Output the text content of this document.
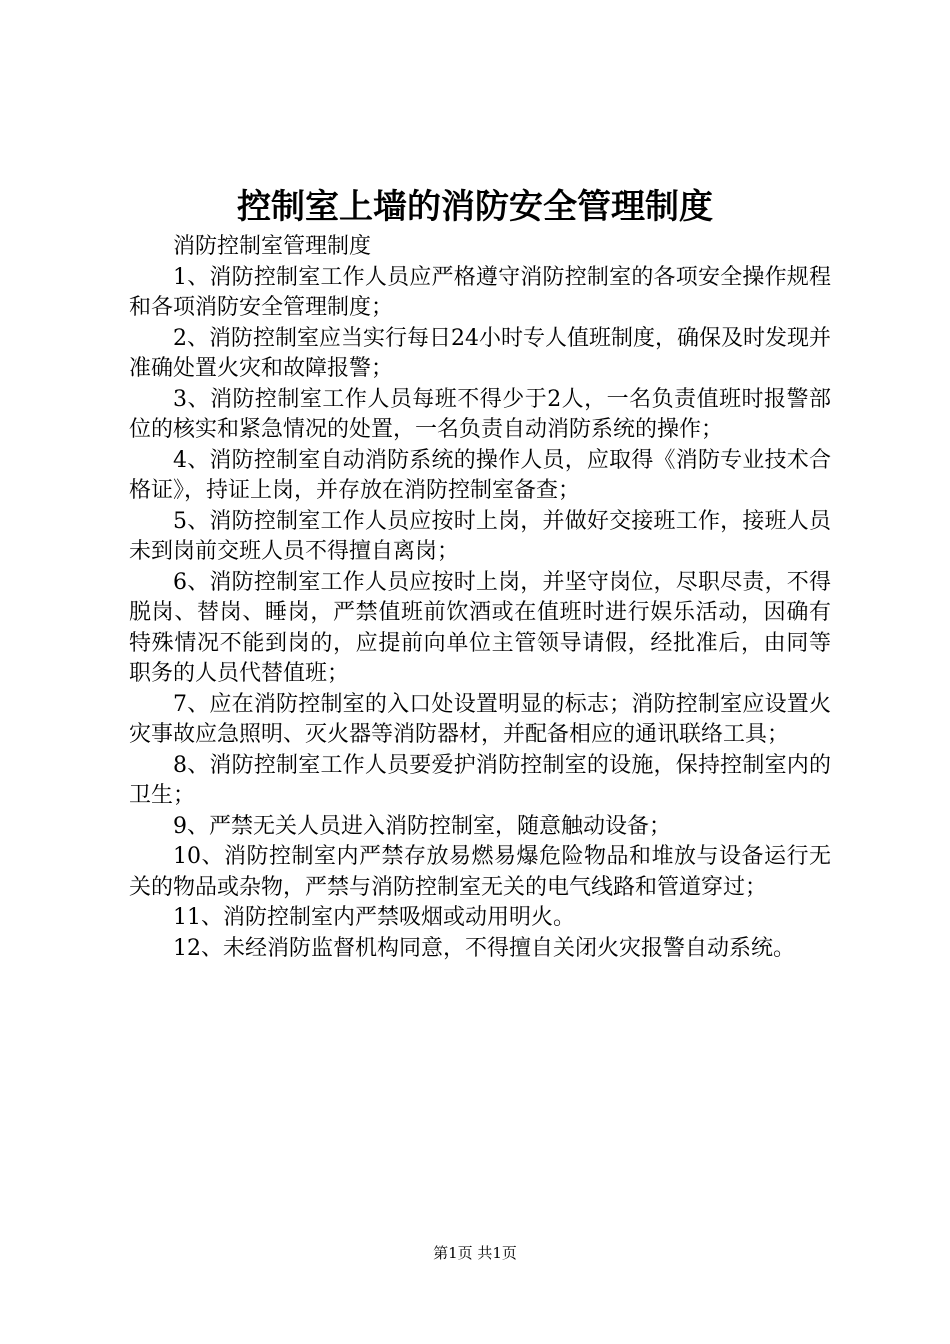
控制室上墙的消防安全管理制度

消防控制室管理制度

1、消防控制室工作人员应严格遵守消防控制室的各项安全操作规程和各项消防安全管理制度；

2、消防控制室应当实行每日24小时专人值班制度，确保及时发现并准确处置火灾和故障报警；

3、消防控制室工作人员每班不得少于2人，一名负责值班时报警部位的核实和紧急情况的处置，一名负责自动消防系统的操作；

4、消防控制室自动消防系统的操作人员，应取得《消防专业技术合格证》，持证上岗，并存放在消防控制室备查；

5、消防控制室工作人员应按时上岗，并做好交接班工作，接班人员未到岗前交班人员不得擅自离岗；

6、消防控制室工作人员应按时上岗，并坚守岗位，尽职尽责，不得脱岗、替岗、睡岗，严禁值班前饮酒或在值班时进行娱乐活动，因确有特殊情况不能到岗的，应提前向单位主管领导请假，经批准后，由同等职务的人员代替值班；

7、应在消防控制室的入口处设置明显的标志；消防控制室应设置火灾事故应急照明、灭火器等消防器材，并配备相应的通讯联络工具；

8、消防控制室工作人员要爱护消防控制室的设施，保持控制室内的卫生；

9、严禁无关人员进入消防控制室，随意触动设备；

10、消防控制室内严禁存放易燃易爆危险物品和堆放与设备运行无关的物品或杂物，严禁与消防控制室无关的电气线路和管道穿过；

11、消防控制室内严禁吸烟或动用明火。

12、未经消防监督机构同意，不得擅自关闭火灾报警自动系统。

第1页 共1页
